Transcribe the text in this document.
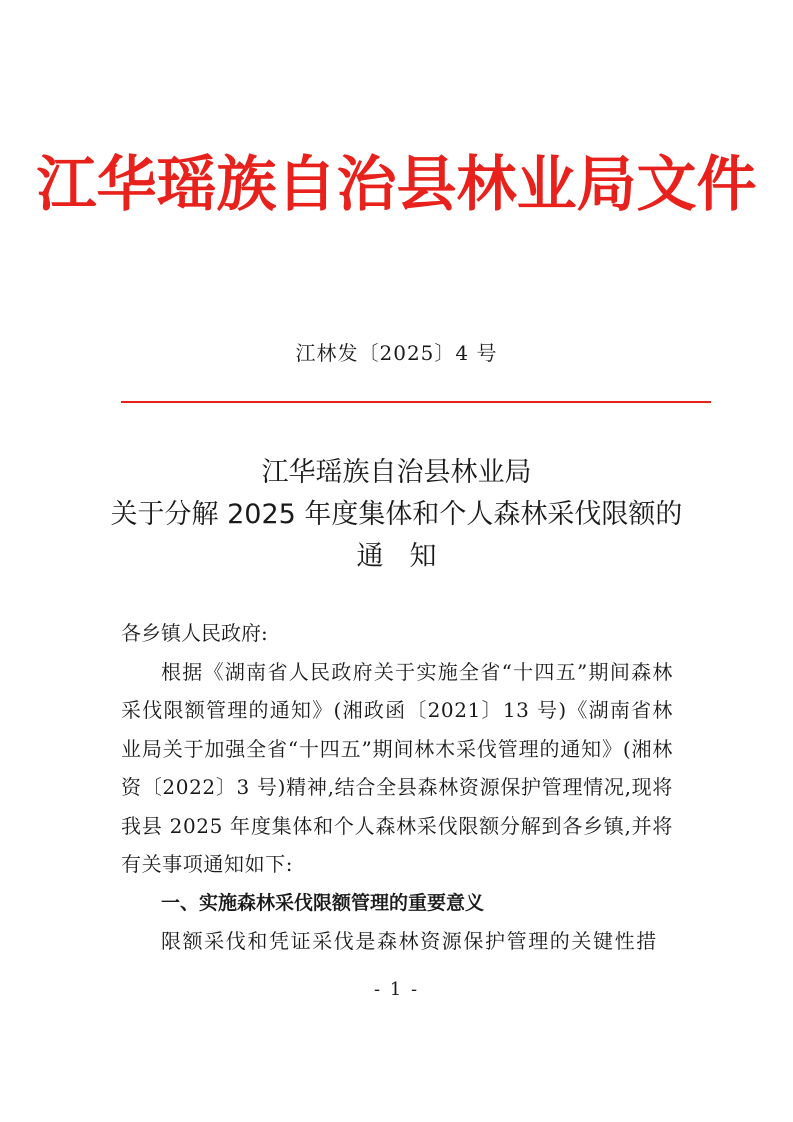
江华瑶族自治县林业局文件
江林发〔2025〕4 号
江华瑶族自治县林业局
关于分解 2025 年度集体和个人森林采伐限额的
通知

各乡镇人民政府:

根据《湖南省人民政府关于实施全省“十四五”期间森林采伐限额管理的通知》(湘政函〔2021〕13 号)《湖南省林业局关于加强全省“十四五”期间林木采伐管理的通知》(湘林资〔2022〕3 号)精神,结合全县森林资源保护管理情况,现将我县 2025 年度集体和个人森林采伐限额分解到各乡镇,并将有关事项通知如下:

一、实施森林采伐限额管理的重要意义

限额采伐和凭证采伐是森林资源保护管理的关键性措

- 1 -
